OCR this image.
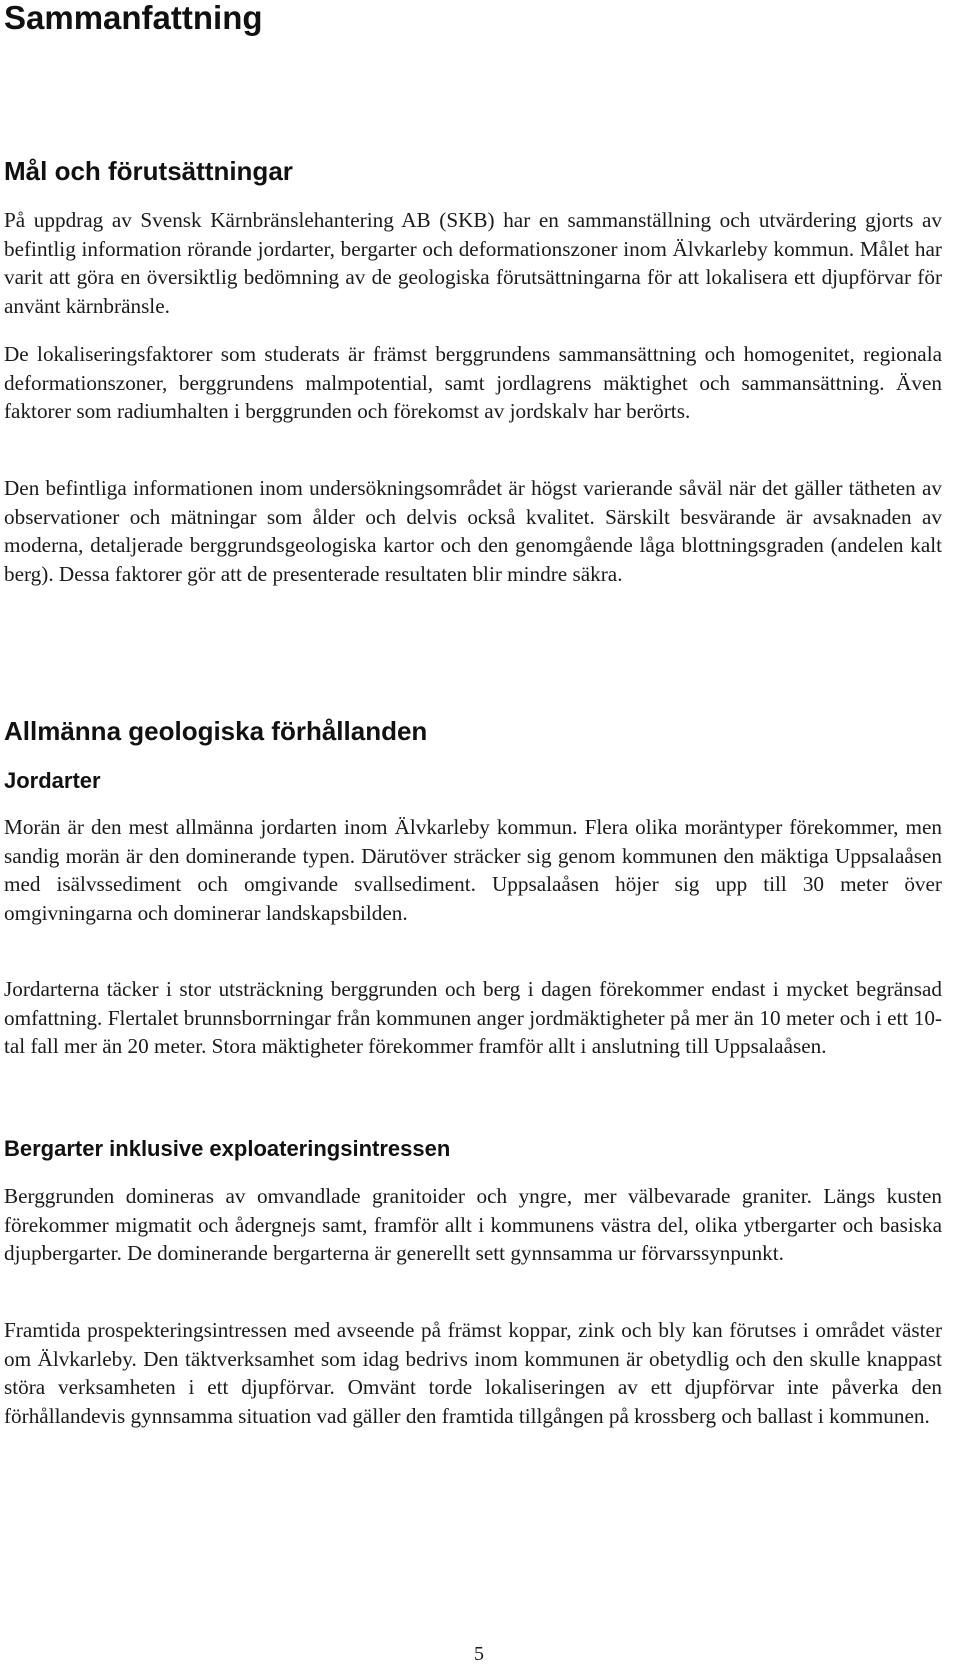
Sammanfattning
Mål och förutsättningar

På uppdrag av Svensk Kärnbränslehantering AB (SKB) har en sammanställning och utvärdering gjorts av befintlig information rörande jordarter, bergarter och deformationszoner inom Älvkarleby kommun. Målet har varit att göra en översiktlig bedömning av de geologiska förutsättningarna för att lokalisera ett djupförvar för använt kärnbränsle.

De lokaliseringsfaktorer som studerats är främst berggrundens sammansättning och homogenitet, regionala deformationszoner, berggrundens malmpotential, samt jordlagrens mäktighet och sammansättning. Även faktorer som radiumhalten i berggrunden och förekomst av jordskalv har berörts.

Den befintliga informationen inom undersökningsområdet är högst varierande såväl när det gäller tätheten av observationer och mätningar som ålder och delvis också kvalitet. Särskilt besvärande är avsaknaden av moderna, detaljerade berggrundsgeologiska kartor och den genomgående låga blottningsgraden (andelen kalt berg). Dessa faktorer gör att de presenterade resultaten blir mindre säkra.

Allmänna geologiska förhållanden
Jordarter

Morän är den mest allmänna jordarten inom Älvkarleby kommun. Flera olika moräntyper förekommer, men sandig morän är den dominerande typen. Därutöver sträcker sig genom kommunen den mäktiga Uppsalaåsen med isälvssediment och omgivande svallsediment. Uppsalaåsen höjer sig upp till 30 meter över omgivningarna och dominerar landskapsbilden.

Jordarterna täcker i stor utsträckning berggrunden och berg i dagen förekommer endast i mycket begränsad omfattning. Flertalet brunnsborrningar från kommunen anger jordmäktigheter på mer än 10 meter och i ett 10-tal fall mer än 20 meter. Stora mäktigheter förekommer framför allt i anslutning till Uppsalaåsen.

Bergarter inklusive exploateringsintressen

Berggrunden domineras av omvandlade granitoider och yngre, mer välbevarade graniter. Längs kusten förekommer migmatit och ådergnejs samt, framför allt i kommunens västra del, olika ytbergarter och basiska djupbergarter. De dominerande bergarterna är generellt sett gynnsamma ur förvarssynpunkt.

Framtida prospekteringsintressen med avseende på främst koppar, zink och bly kan förutses i området väster om Älvkarleby. Den täktverksamhet som idag bedrivs inom kommunen är obetydlig och den skulle knappast störa verksamheten i ett djupförvar. Omvänt torde lokaliseringen av ett djupförvar inte påverka den förhållandevis gynnsamma situation vad gäller den framtida tillgången på krossberg och ballast i kommunen.

5
